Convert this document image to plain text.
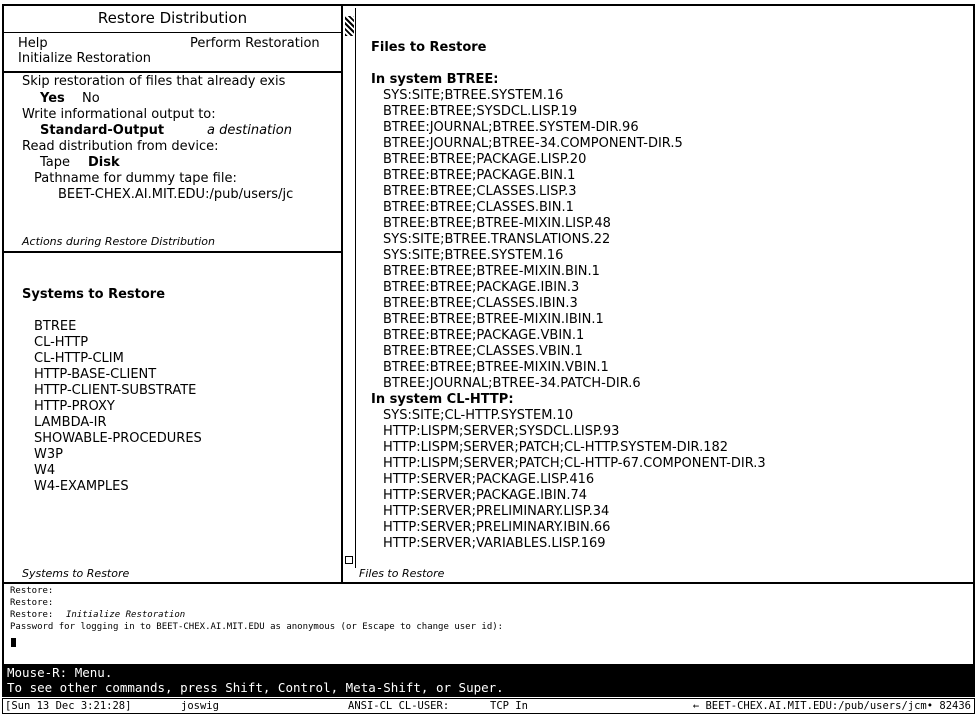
Restore Distribution
Help	Perform Restoration
Initialize Restoration
Skip restoration of files that already exis
Yes No
Write informational output to:
Standard-Output	a destination
Read distribution from device:
Tape Disk
Pathname for dummy tape file:
BEET-CHEX.AI.MIT.EDU:/pub/users/jc
Actions during Restore Distribution
Systems to Restore
BTREE
CL-HTTP
CL-HTTP-CLIM
HTTP-BASE-CLIENT
HTTP-CLIENT-SUBSTRATE
HTTP-PROXY
LAMBDA-IR
SHOWABLE-PROCEDURES
W3P
W4
W4-EXAMPLES
Systems to Restore
Files to Restore
In system BTREE:
SYS:SITE;BTREE.SYSTEM.16
BTREE:BTREE;SYSDCL.LISP.19
BTREE:JOURNAL;BTREE.SYSTEM-DIR.96
BTREE:JOURNAL;BTREE-34.COMPONENT-DIR.5
BTREE:BTREE;PACKAGE.LISP.20
BTREE:BTREE;PACKAGE.BIN.1
BTREE:BTREE;CLASSES.LISP.3
BTREE:BTREE;CLASSES.BIN.1
BTREE:BTREE;BTREE-MIXIN.LISP.48
SYS:SITE;BTREE.TRANSLATIONS.22
SYS:SITE;BTREE.SYSTEM.16
BTREE:BTREE;BTREE-MIXIN.BIN.1
BTREE:BTREE;PACKAGE.IBIN.3
BTREE:BTREE;CLASSES.IBIN.3
BTREE:BTREE;BTREE-MIXIN.IBIN.1
BTREE:BTREE;PACKAGE.VBIN.1
BTREE:BTREE;CLASSES.VBIN.1
BTREE:BTREE;BTREE-MIXIN.VBIN.1
BTREE:JOURNAL;BTREE-34.PATCH-DIR.6
In system CL-HTTP:
SYS:SITE;CL-HTTP.SYSTEM.10
HTTP:LISPM;SERVER;SYSDCL.LISP.93
HTTP:LISPM;SERVER;PATCH;CL-HTTP.SYSTEM-DIR.182
HTTP:LISPM;SERVER;PATCH;CL-HTTP-67.COMPONENT-DIR.3
HTTP:SERVER;PACKAGE.LISP.416
HTTP:SERVER;PACKAGE.IBIN.74
HTTP:SERVER;PRELIMINARY.LISP.34
HTTP:SERVER;PRELIMINARY.IBIN.66
HTTP:SERVER;VARIABLES.LISP.169
Files to Restore
Restore:
Restore:
Restore: Initialize Restoration
Password for logging in to BEET-CHEX.AI.MIT.EDU as anonymous (or Escape to change user id):
Mouse-R: Menu.
To see other commands, press Shift, Control, Meta-Shift, or Super.
[Sun 13 Dec 3:21:28]	joswig	ANSI-CL CL-USER:	TCP In	← BEET-CHEX.AI.MIT.EDU:/pub/users/jcm• 82436
